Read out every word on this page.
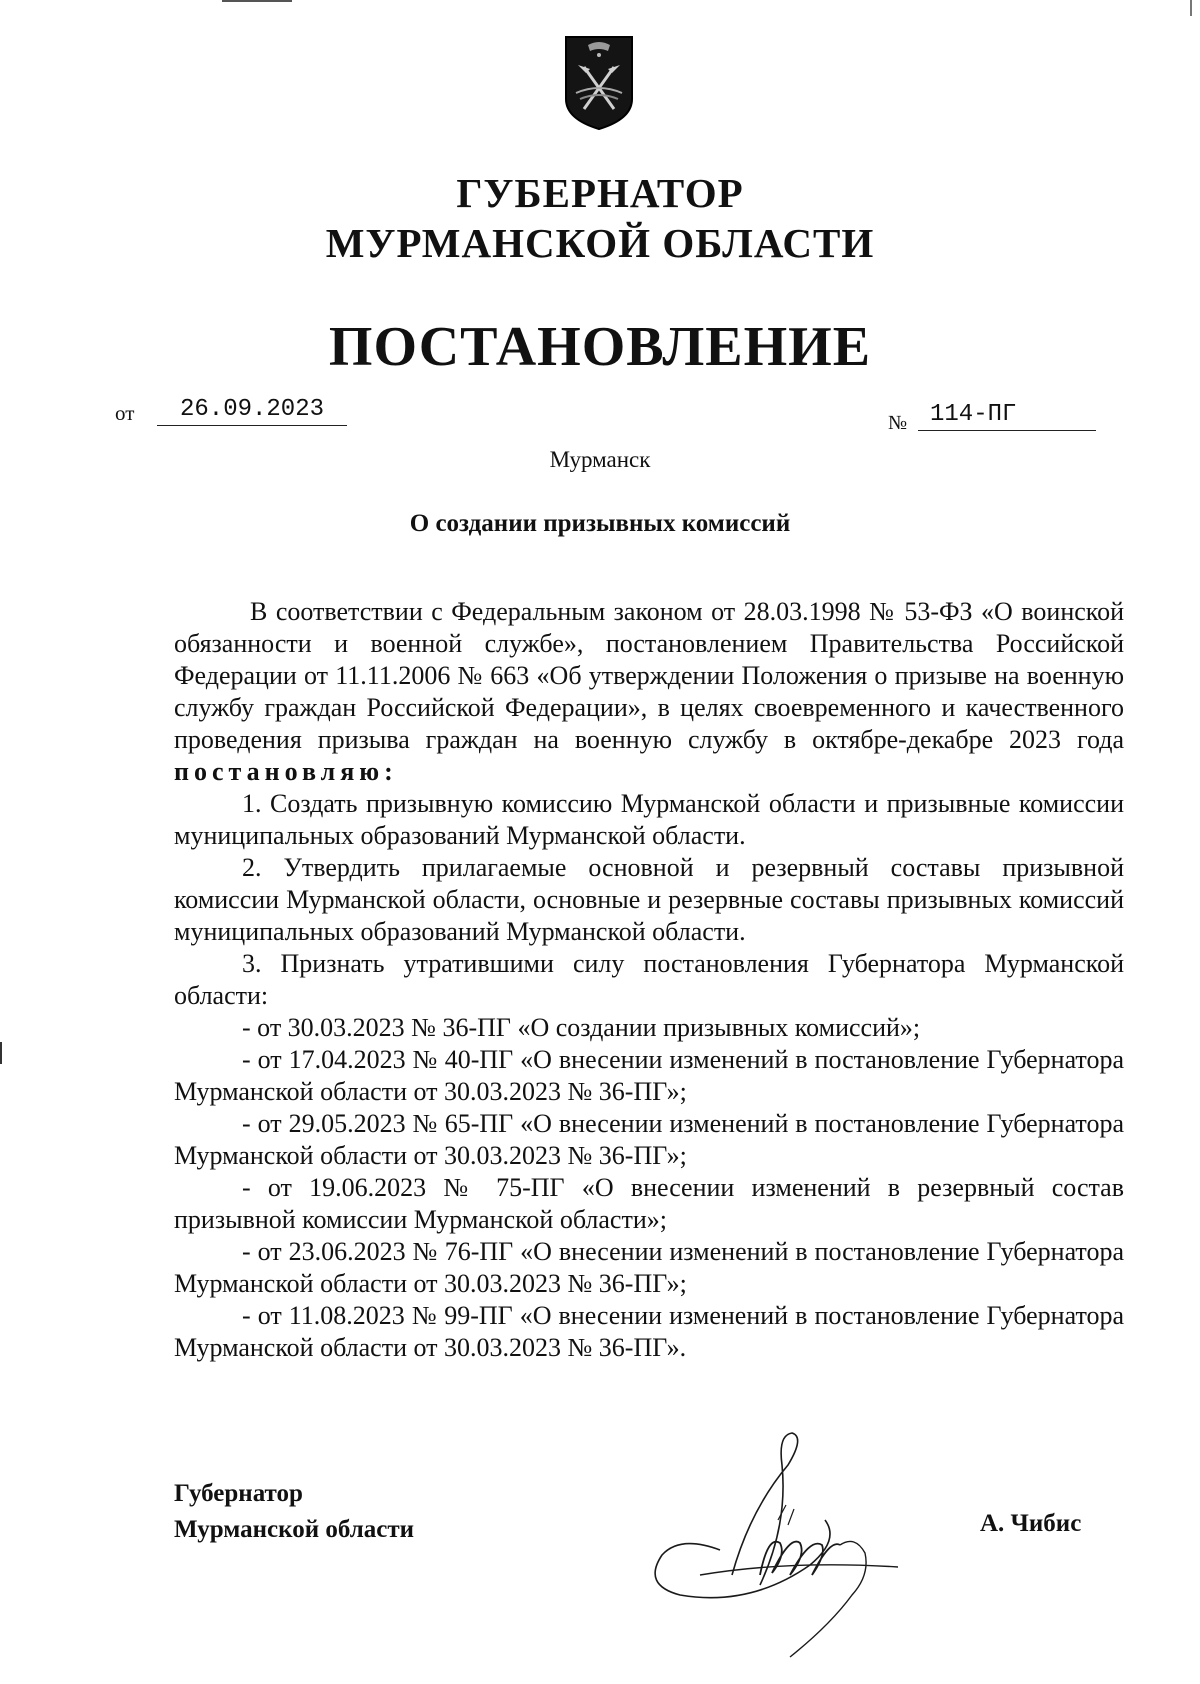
ГУБЕРНАТОР
МУРМАНСКОЙ ОБЛАСТИ
ПОСТАНОВЛЕНИЕ
от	26.09.2023	№ 114-ПГ
Мурманск
О создании призывных комиссий

В соответствии с Федеральным законом от 28.03.1998 № 53-ФЗ «О воинской обязанности и военной службе», постановлением Правительства Российской Федерации от 11.11.2006 № 663 «Об утверждении Положения о призыве на военную службу граждан Российской Федерации», в целях своевременного и качественного проведения призыва граждан на военную службу в октябре-декабре 2023 года постановляю:

1. Создать призывную комиссию Мурманской области и призывные комиссии муниципальных образований Мурманской области.

2. Утвердить прилагаемые основной и резервный составы призывной комиссии Мурманской области, основные и резервные составы призывных комиссий муниципальных образований Мурманской области.

3. Признать утратившими силу постановления Губернатора Мурманской области:

- от 30.03.2023 № 36-ПГ «О создании призывных комиссий»;

- от 17.04.2023 № 40-ПГ «О внесении изменений в постановление Губернатора Мурманской области от 30.03.2023 № 36-ПГ»;

- от 29.05.2023 № 65-ПГ «О внесении изменений в постановление Губернатора Мурманской области от 30.03.2023 № 36-ПГ»;

- от 19.06.2023 № 75-ПГ «О внесении изменений в резервный состав призывной комиссии Мурманской области»;

- от 23.06.2023 № 76-ПГ «О внесении изменений в постановление Губернатора Мурманской области от 30.03.2023 № 36-ПГ»;

- от 11.08.2023 № 99-ПГ «О внесении изменений в постановление Губернатора Мурманской области от 30.03.2023 № 36-ПГ».

Губернатор
Мурманской области	А. Чибис
